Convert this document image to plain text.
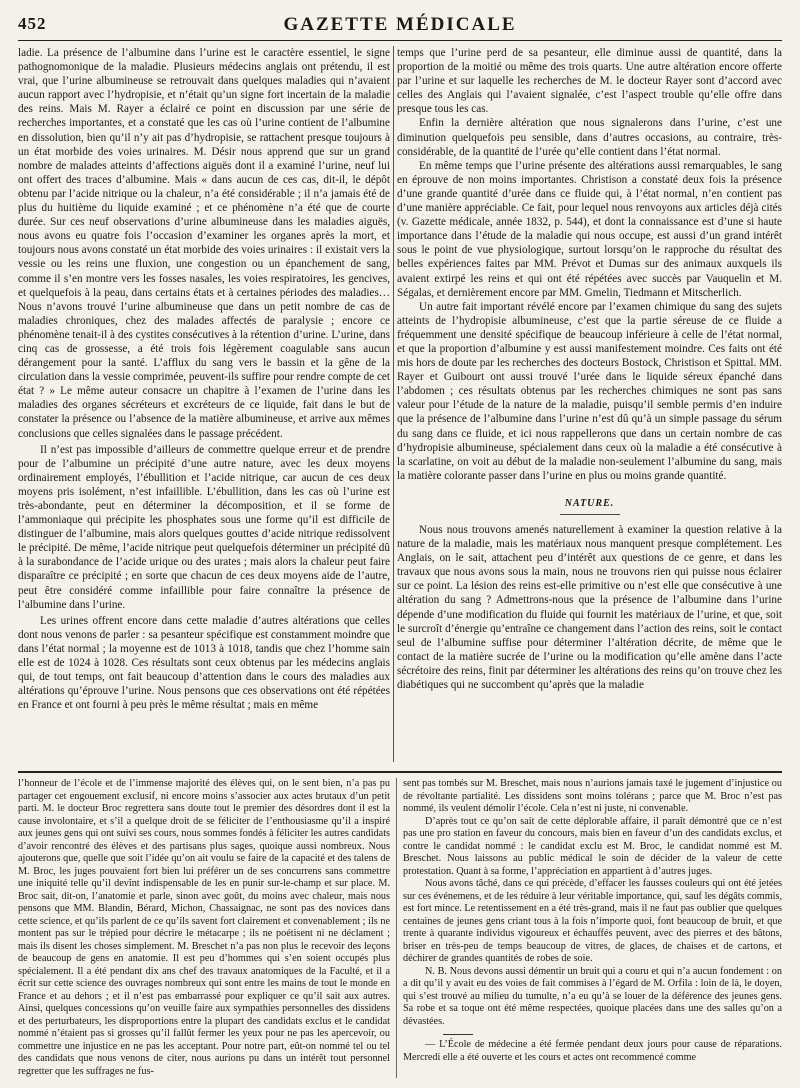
GAZETTE MÉDICALE
452

ladie. La présence de l’albumine dans l’urine est le caractère essentiel, le signe pathognomonique de la maladie. Plusieurs médecins anglais ont prétendu, il est vrai, que l’urine albumineuse se retrouvait dans quelques maladies qui n’avaient aucun rapport avec l’hydropisie, et n’était qu’un signe fort incertain de la maladie des reins. Mais M. Rayer a éclairé ce point en discussion par une série de recherches importantes, et a constaté que les cas où l’urine contient de l’albumine en dissolution, bien qu’il n’y ait pas d’hydropisie, se rattachent presque toujours à un état morbide des voies urinaires. M. Désir nous apprend que sur un grand nombre de malades atteints d’affections aiguës dont il a examiné l’urine, neuf lui ont offert des traces d’albumine. Mais « dans aucun de ces cas, dit-il, le dépôt obtenu par l’acide nitrique ou la chaleur, n’a été considérable ; il n’a jamais été de plus du huitième du liquide examiné ; et ce phénomène n’a été que de courte durée. Sur ces neuf observations d’urine albumineuse dans les maladies aiguës, nous avons eu quatre fois l’occasion d’examiner les organes après la mort, et toujours nous avons constaté un état morbide des voies urinaires : il existait vers la vessie ou les reins une fluxion, une congestion ou un épanchement de sang, comme il s’en montre vers les fosses nasales, les voies respiratoires, les gencives, et quelquefois à la peau, dans certains états et à certaines périodes des maladies… Nous n’avons trouvé l’urine albumineuse que dans un petit nombre de cas de maladies chroniques, chez des malades affectés de paralysie ; encore ce phénomène tenait-il à des cystites consécutives à la rétention d’urine. L’urine, dans cinq cas de grossesse, a été trois fois légèrement coagulable sans aucun dérangement pour la santé. L’afflux du sang vers le bassin et la gêne de la circulation dans la vessie comprimée, peuvent-ils suffire pour rendre compte de cet état ? » Le même auteur consacre un chapitre à l’examen de l’urine dans les maladies des organes sécréteurs et excréteurs de ce liquide, fait dans le but de constater la présence ou l’absence de la matière albumineuse, et arrive aux mêmes conclusions que celles signalées dans le passage précédent.

Il n’est pas impossible d’ailleurs de commettre quelque erreur et de prendre pour de l’albumine un précipité d’une autre nature, avec les deux moyens ordinairement employés, l’ébullition et l’acide nitrique, car aucun de ces deux moyens pris isolément, n’est infaillible. L’ébullition, dans les cas où l’urine est très-abondante, peut en déterminer la décomposition, et il se forme de l’ammoniaque qui précipite les phosphates sous une forme qu’il est difficile de distinguer de l’albumine, mais alors quelques gouttes d’acide nitrique redissolvent le précipité. De même, l’acide nitrique peut quelquefois déterminer un précipité dû à la surabondance de l’acide urique ou des urates ; mais alors la chaleur peut faire disparaître ce précipité ; en sorte que chacun de ces deux moyens aide de l’autre, peut être considéré comme infaillible pour faire connaître la présence de l’albumine dans l’urine.

Les urines offrent encore dans cette maladie d’autres altérations que celles dont nous venons de parler : sa pesanteur spécifique est constamment moindre que dans l’état normal ; la moyenne est de 1013 à 1018, tandis que chez l’homme sain elle est de 1024 à 1028. Ces résultats sont ceux obtenus par les médecins anglais qui, de tout temps, ont fait beaucoup d’attention dans le cours des maladies aux altérations qu’éprouve l’urine. Nous pensons que ces observations ont été répétées en France et ont fourni à peu près le même résultat ; mais en même

temps que l’urine perd de sa pesanteur, elle diminue aussi de quantité, dans la proportion de la moitié ou même des trois quarts. Une autre altération encore offerte par l’urine et sur laquelle les recherches de M. le docteur Rayer sont d’accord avec celles des Anglais qui l’avaient signalée, c’est l’aspect trouble qu’elle offre dans presque tous les cas.

Enfin la dernière altération que nous signalerons dans l’urine, c’est une diminution quelquefois peu sensible, dans d’autres occasions, au contraire, très-considérable, de la quantité de l’urée qu’elle contient dans l’état normal.

En même temps que l’urine présente des altérations aussi remarquables, le sang en éprouve de non moins importantes. Christison a constaté deux fois la présence d’une grande quantité d’urée dans ce fluide qui, à l’état normal, n’en contient pas d’une manière appréciable. Ce fait, pour lequel nous renvoyons aux articles déjà cités (v. Gazette médicale, année 1832, p. 544), et dont la connaissance est d’une si haute importance dans l’étude de la maladie qui nous occupe, est aussi d’un grand intérêt sous le point de vue physiologique, surtout lorsqu’on le rapproche du résultat des belles expériences faites par MM. Prévot et Dumas sur des animaux auxquels ils avaient extirpé les reins et qui ont été répétées avec succès par Vauquelin et M. Ségalas, et dernièrement encore par MM. Gmelin, Tiedmann et Mitscherlich.

Un autre fait important révélé encore par l’examen chimique du sang des sujets atteints de l’hydropisie albumineuse, c’est que la partie séreuse de ce fluide a fréquemment une densité spécifique de beaucoup inférieure à celle de l’état normal, et que la proportion d’albumine y est aussi manifestement moindre. Ces faits ont été mis hors de doute par les recherches des docteurs Bostock, Christison et Spittal. MM. Rayer et Guibourt ont aussi trouvé l’urée dans le liquide séreux épanché dans l’abdomen ; ces résultats obtenus par les recherches chimiques ne sont pas sans valeur pour l’étude de la nature de la maladie, puisqu’il semble permis d’en induire que la présence de l’albumine dans l’urine n’est dû qu’à un simple passage du sérum du sang dans ce fluide, et ici nous rappellerons que dans un certain nombre de cas d’hydropisie albumineuse, spécialement dans ceux où la maladie a été consécutive à la scarlatine, on voit au début de la maladie non-seulement l’albumine du sang, mais la matière colorante passer dans l’urine en plus ou moins grande quantité.

NATURE.

Nous nous trouvons amenés naturellement à examiner la question relative à la nature de la maladie, mais les matériaux nous manquent presque complétement. Les Anglais, on le sait, attachent peu d’intérêt aux questions de ce genre, et dans les travaux que nous avons sous la main, nous ne trouvons rien qui puisse nous éclairer sur ce point. La lésion des reins est-elle primitive ou n’est elle que consécutive à une altération du sang ? Admettrons-nous que la présence de l’albumine dans l’urine dépende d’une modification du fluide qui fournit les matériaux de l’urine, et que, soit le surcroît d’énergie qu’entraîne ce changement dans l’action des reins, soit le contact seul de l’albumine suffise pour déterminer l’altération décrite, de même que le contact de la matière sucrée de l’urine ou la modification qu’elle amène dans l’acte sécrétoire des reins, finit par déterminer les altérations des reins qu’on trouve chez les diabétiques qui ne succombent qu’après que la maladie

l’honneur de l’école et de l’immense majorité des élèves qui, on le sent bien, n’a pas pu partager cet engouement exclusif, ni encore moins s’associer aux actes brutaux d’un petit parti. M. le docteur Broc regrettera sans doute tout le premier des désordres dont il est la cause involontaire, et s’il a quelque droit de se féliciter de l’enthousiasme qu’il a inspiré aux jeunes gens qui ont suivi ses cours, nous sommes fondés à féliciter les autres candidats d’avoir rencontré des élèves et des partisans plus sages, quoique aussi nombreux. Nous ajouterons que, quelle que soit l’idée qu’on ait voulu se faire de la capacité et des talens de M. Broc, les juges pouvaient fort bien lui préférer un de ses concurrens sans commettre une iniquité telle qu’il devînt indispensable de les en punir sur-le-champ et sur place. M. Broc sait, dit-on, l’anatomie et parle, sinon avec goût, du moins avec chaleur, mais nous pensons que MM. Blandin, Bérard, Michon, Chassaignac, ne sont pas des novices dans cette science, et qu’ils parlent de ce qu’ils savent fort clairement et convenablement ; ils ne montent pas sur le trépied pour décrire le métacarpe ; ils ne poétisent ni ne déclament ; mais ils disent les choses simplement. M. Breschet n’a pas non plus le recevoir des leçons de beaucoup de gens en anatomie. Il est peu d’hommes qui s’en soient occupés plus spécialement. Il a été pendant dix ans chef des travaux anatomiques de la Faculté, et il a écrit sur cette science des ouvrages nombreux qui sont entre les mains de tout le monde en France et au dehors ; et il n’est pas embarrassé pour expliquer ce qu’il sait aux autres. Ainsi, quelques concessions qu’on veuille faire aux sympathies personnelles des dissidens et des perturbateurs, les disproportions entre la plupart des candidats exclus et le candidat nommé n’étaient pas si grosses qu’il fallût fermer les yeux pour ne pas les apercevoir, ou commettre une injustice en ne pas les acceptant. Pour notre part, eût-on nommé tel ou tel des candidats que nous venons de citer, nous aurions pu dans un intérêt tout personnel regretter que les suffrages ne fus-

sent pas tombés sur M. Breschet, mais nous n’aurions jamais taxé le jugement d’injustice ou de révoltante partialité. Les dissidens sont moins tolérans ; parce que M. Broc n’est pas nommé, ils veulent démolir l’école. Cela n’est ni juste, ni convenable.

D’après tout ce qu’on sait de cette déplorable affaire, il paraît démontré que ce n’est pas une pro station en faveur du concours, mais bien en faveur d’un des candidats exclus, et contre le candidat nommé : le candidat exclu est M. Broc, le candidat nommé est M. Breschet. Nous laissons au public médical le soin de décider de la valeur de cette protestation. Quant à sa forme, l’appréciation en appartient à d’autres juges.

Nous avons tâché, dans ce qui précède, d’effacer les fausses couleurs qui ont été jetées sur ces événemens, et de les réduire à leur véritable importance, qui, sauf les dégâts commis, est fort mince. Le retentissement en a été très-grand, mais il ne faut pas oublier que quelques centaines de jeunes gens criant tous à la fois n’importe quoi, font beaucoup de bruit, et que trente à quarante individus vigoureux et échauffés peuvent, avec des pierres et des bâtons, briser en très-peu de temps beaucoup de vitres, de glaces, de chaises et de cartons, et déchirer de grandes quantités de robes de soie.

N. B. Nous devons aussi démentir un bruit qui a couru et qui n’a aucun fondement : on a dit qu’il y avait eu des voies de fait commises à l’égard de M. Orfila : loin de là, le doyen, qui s’est trouvé au milieu du tumulte, n’a eu qu’à se louer de la déférence des jeunes gens. Sa robe et sa toque ont été même respectées, quoique placées dans une des salles qu’on a dévastées.

— L’École de médecine a été fermée pendant deux jours pour cause de réparations. Mercredi elle a été ouverte et les cours et actes ont recommencé comme
